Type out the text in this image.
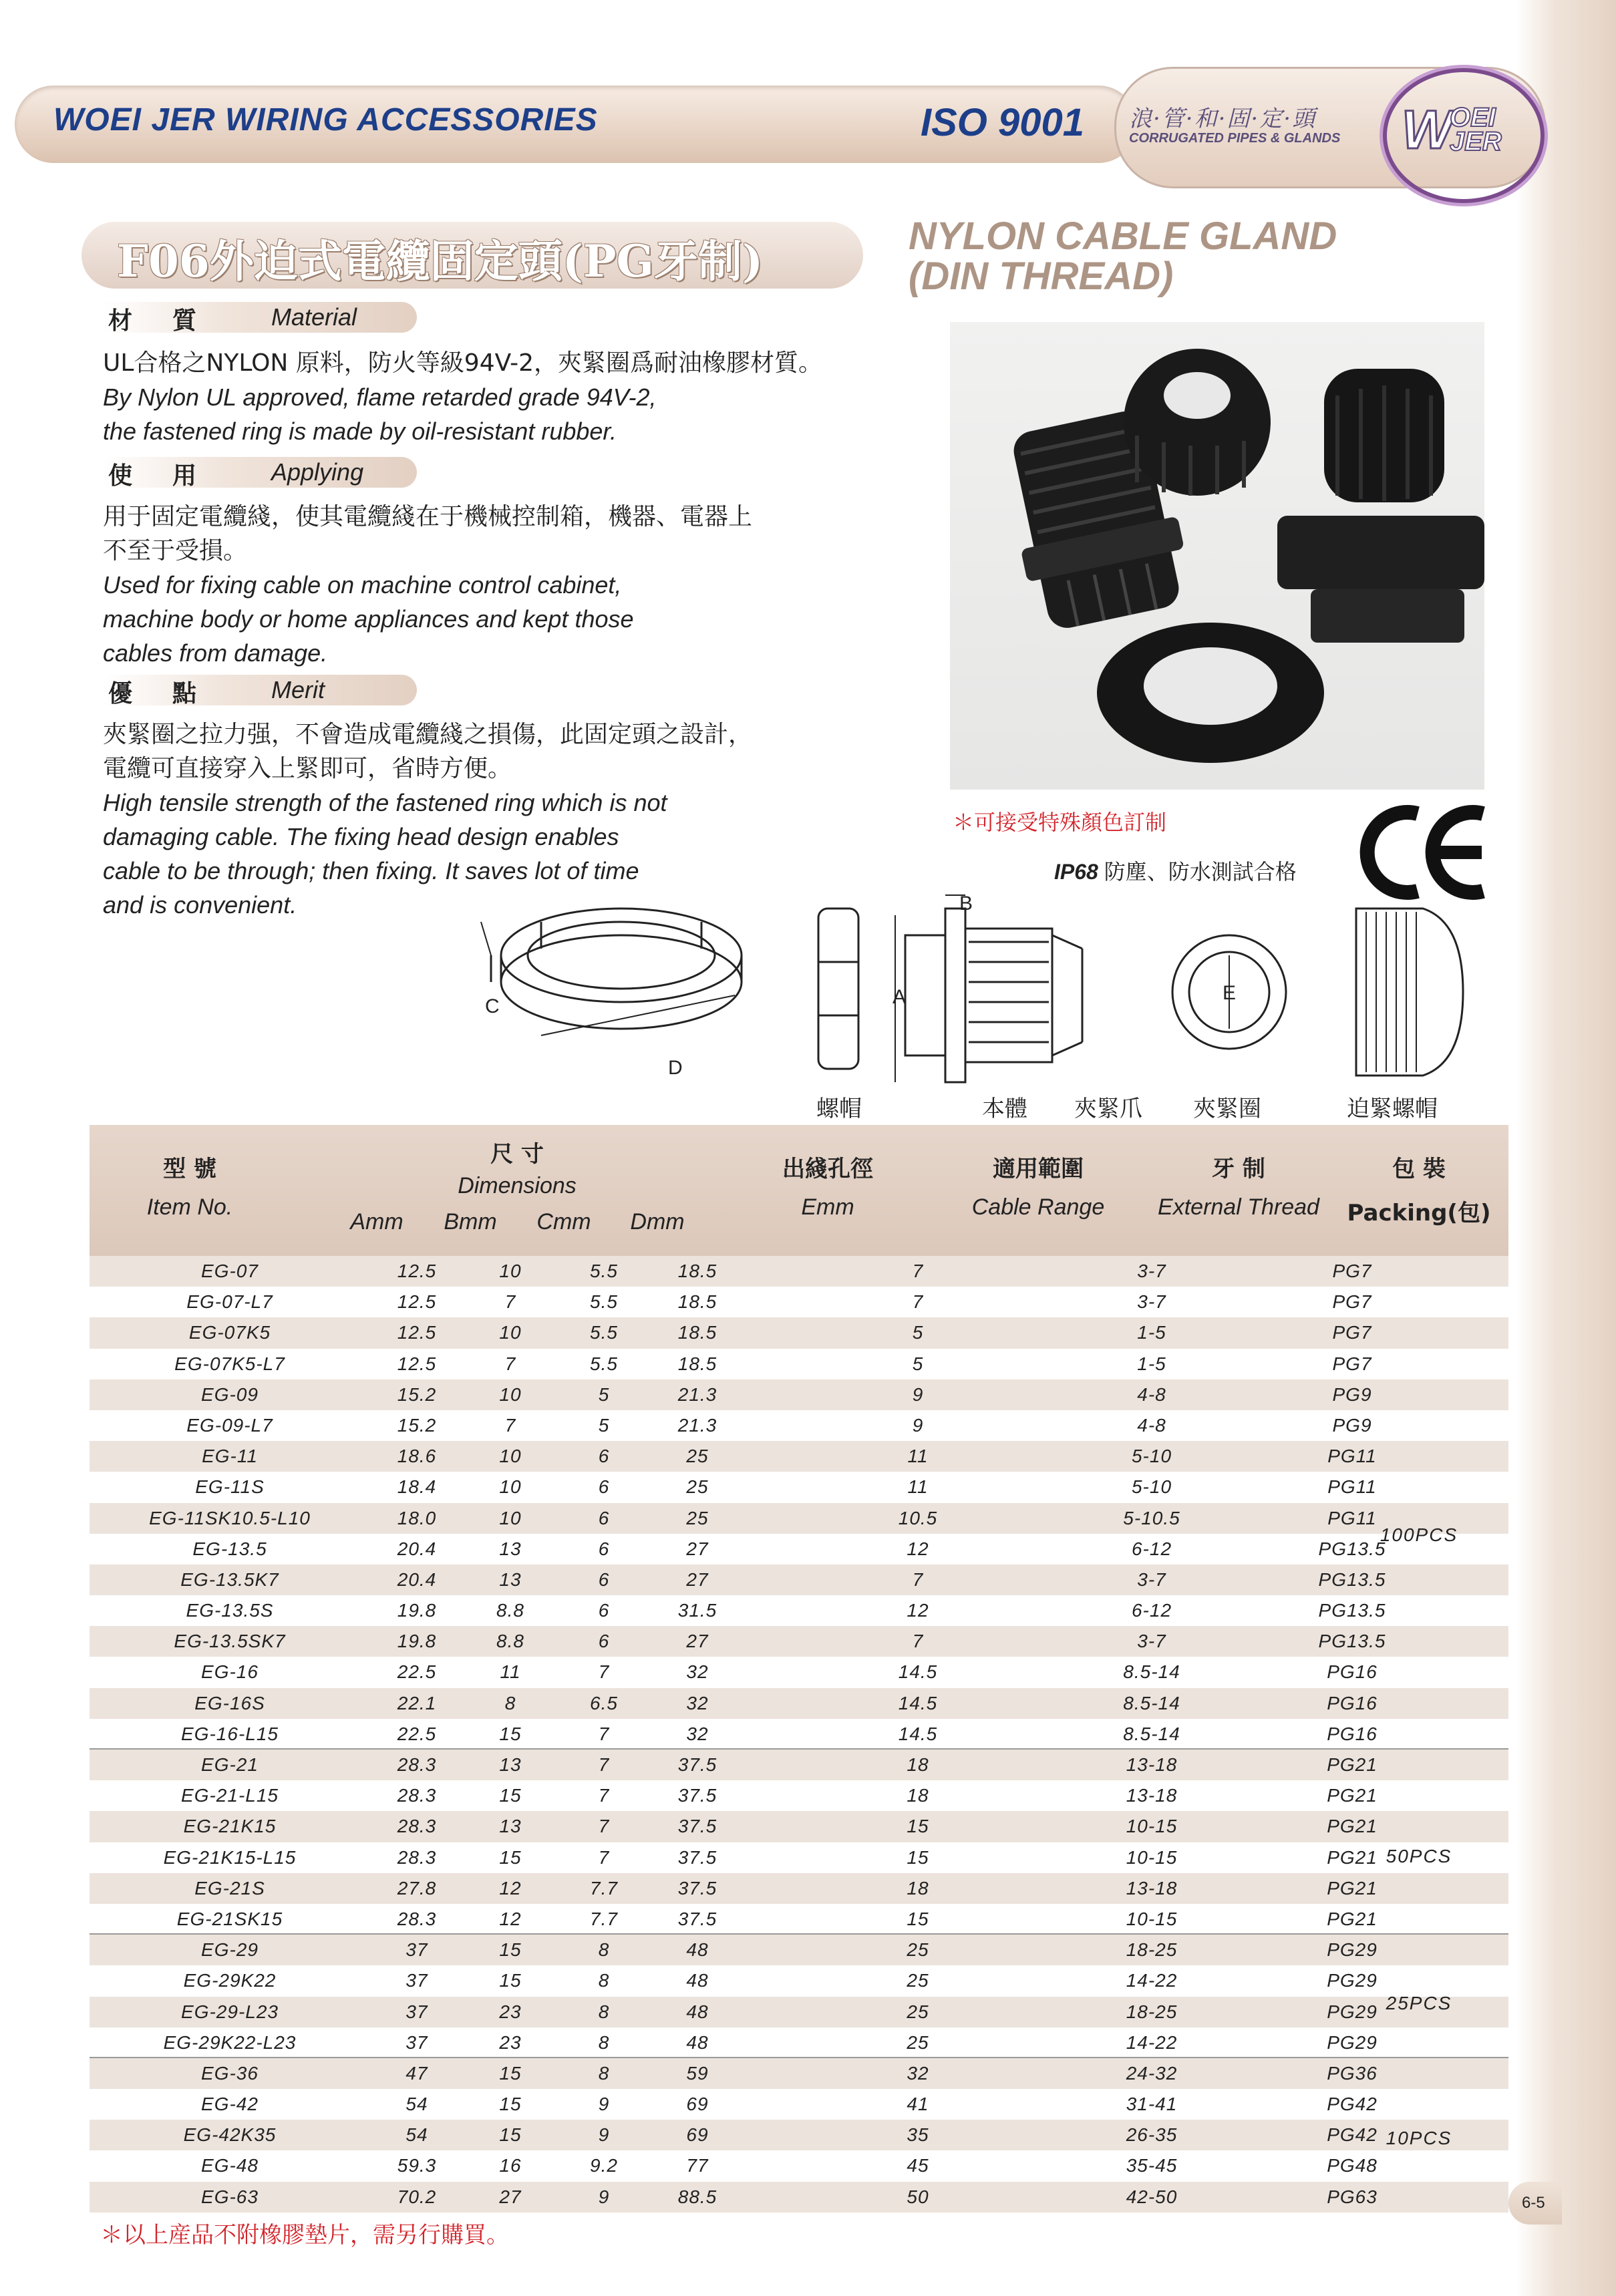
WOEI JER WIRING ACCESSORIES	ISO 9001 浪·管·和·固·定·頭
CORRUGATED PIPES & GLANDS W
OEI
JER
F06外迫式電纜固定頭(PG牙制)	NYLON CABLE GLAND
(DIN THREAD)
材質 Material
UL合格之NYLON 原料，防火等級94V-2，夾緊圈爲耐油橡膠材質。
By Nylon UL approved, flame retarded grade 94V-2,
the fastened ring is made by oil-resistant rubber.
使用 Applying
用于固定電纜綫，使其電纜綫在于機械控制箱，機器、電器上
不至于受損。
Used for fixing cable on machine control cabinet,
machine body or home appliances and kept those
cables from damage.
優點 Merit
夾緊圈之拉力强，不會造成電纜綫之損傷，此固定頭之設計，
電纜可直接穿入上緊即可，省時方便。
High tensile strength of the fastened ring which is not
damaging cable. The fixing head design enables
cable to be through; then fixing. It saves lot of time
and is convenient.
＊可接受特殊顏色訂制
IP68 防塵、防水測試合格
C
D
A
B
E
螺帽	本體 夾緊爪 夾緊圈	迫緊螺帽
型 號
Item No.
尺 寸
Dimensions
Amm	Bmm	Cmm	Dmm
出綫孔徑
Emm
適用範圍
Cable Range
牙 制
External Thread
包 裝
Packing(包)
EG-07	12.5	10	5.5	18.5	7	3-7	PG7
EG-07-L7	12.5	7	5.5	18.5	7	3-7	PG7
EG-07K5	12.5	10	5.5	18.5	5	1-5	PG7
EG-07K5-L7	12.5	7	5.5	18.5	5	1-5	PG7
EG-09	15.2	10	5	21.3	9	4-8	PG9
EG-09-L7	15.2	7	5	21.3	9	4-8	PG9
EG-11	18.6	10	6	25	11	5-10	PG11
EG-11S	18.4	10	6	25	11	5-10	PG11
EG-11SK10.5-L10	18.0	10	6	25	10.5	5-10.5	PG11
EG-13.5	20.4	13	6	27	12	6-12	PG13.5
EG-13.5K7	20.4	13	6	27	7	3-7	PG13.5
EG-13.5S	19.8	8.8	6	31.5	12	6-12	PG13.5
EG-13.5SK7	19.8	8.8	6	27	7	3-7	PG13.5
EG-16	22.5	11	7	32	14.5	8.5-14	PG16
EG-16S	22.1	8	6.5	32	14.5	8.5-14	PG16
EG-16-L15	22.5	15	7	32	14.5	8.5-14	PG16
EG-21	28.3	13	7	37.5	18	13-18	PG21
EG-21-L15	28.3	15	7	37.5	18	13-18	PG21
EG-21K15	28.3	13	7	37.5	15	10-15	PG21
EG-21K15-L15	28.3	15	7	37.5	15	10-15	PG21
EG-21S	27.8	12	7.7	37.5	18	13-18	PG21
EG-21SK15	28.3	12	7.7	37.5	15	10-15	PG21
EG-29	37	15	8	48	25	18-25	PG29
EG-29K22	37	15	8	48	25	14-22	PG29
EG-29-L23	37	23	8	48	25	18-25	PG29
EG-29K22-L23	37	23	8	48	25	14-22	PG29
EG-36	47	15	8	59	32	24-32	PG36
EG-42	54	15	9	69	41	31-41	PG42
EG-42K35	54	15	9	69	35	26-35	PG42
EG-48	59.3	16	9.2	77	45	35-45	PG48
EG-63	70.2	27	9	88.5	50	42-50	PG63
100PCS
50PCS
25PCS
10PCS
＊以上産品不附橡膠墊片，需另行購買。
6-5
